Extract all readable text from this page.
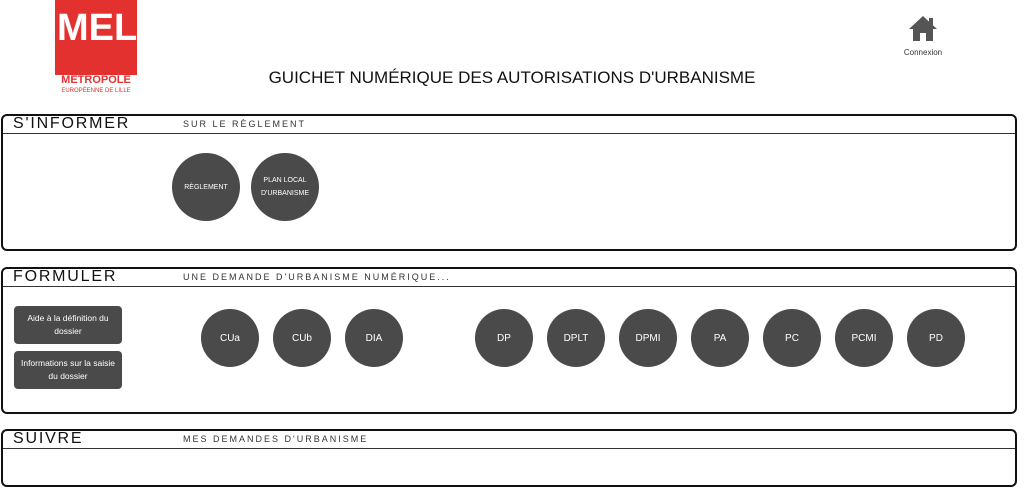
MEL
MÉTROPOLE
EUROPÉENNE DE LILLE
Connexion
GUICHET NUMÉRIQUE DES AUTORISATIONS D'URBANISME
S'INFORMER	SUR LE RÈGLEMENT
RÈGLEMENT
PLAN LOCAL D'URBANISME
FORMULER	UNE DEMANDE D'URBANISME NUMÉRIQUE...
Aide à la définition du dossier
Informations sur la saisie du dossier
CUa	CUb	DIA	DP	DPLT	DPMI	PA	PC	PCMI	PD
SUIVRE	MES DEMANDES D'URBANISME
